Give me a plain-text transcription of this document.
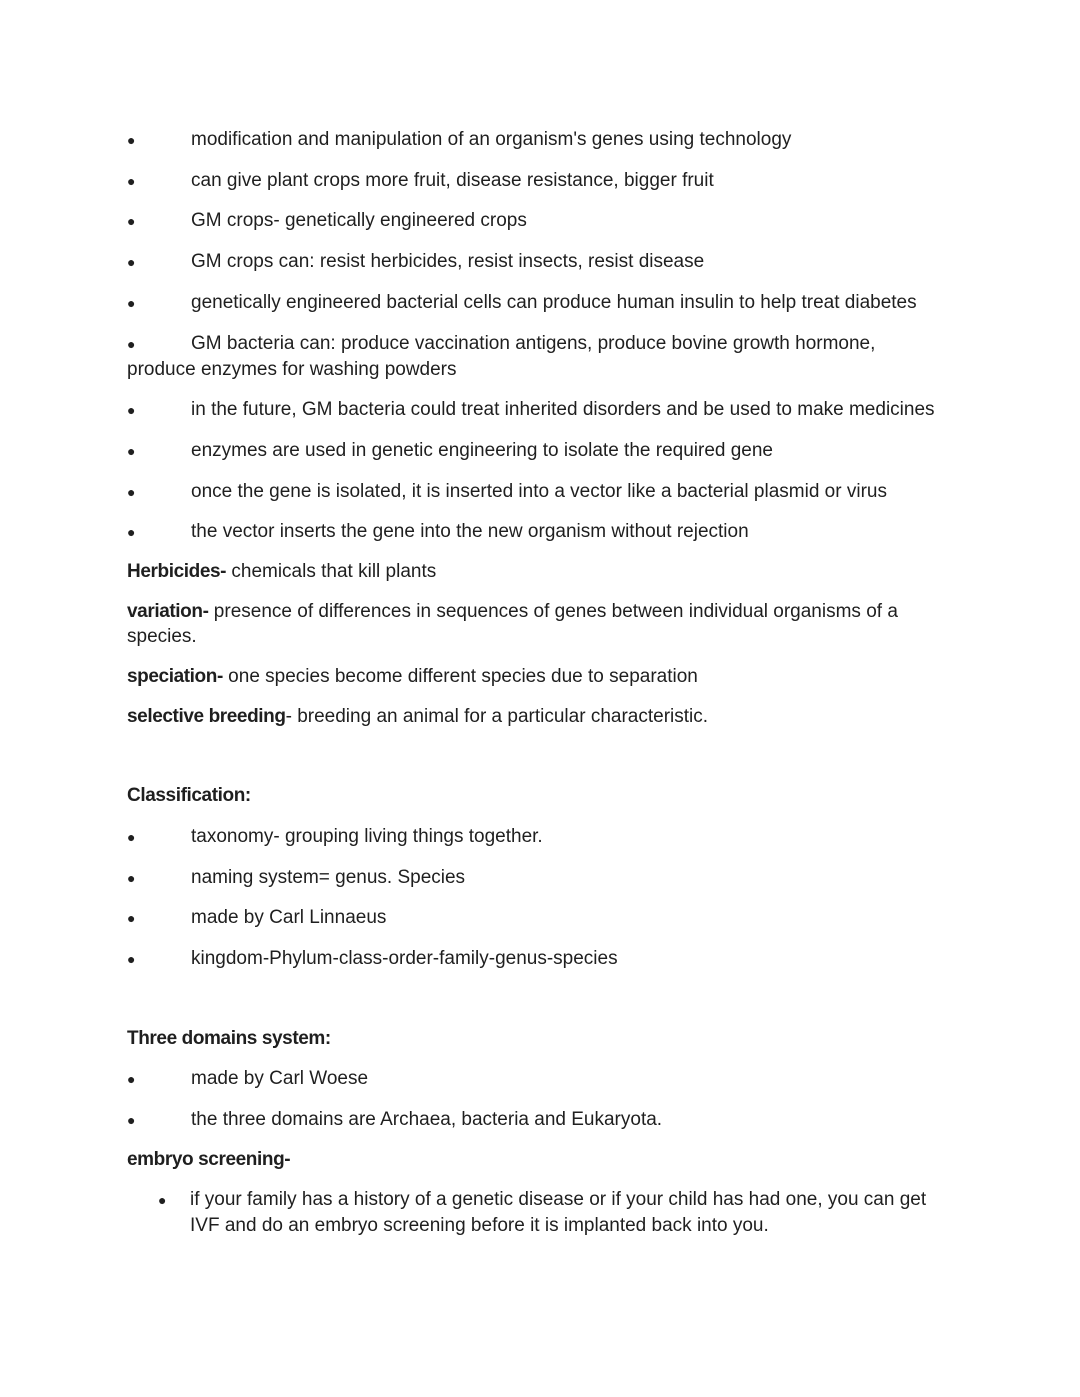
●	modification and manipulation of an organism's genes using technology
●	can give plant crops more fruit, disease resistance, bigger fruit
●	GM crops- genetically engineered crops
●	GM crops can: resist herbicides, resist insects, resist disease
●	genetically engineered bacterial cells can produce human insulin to help treat diabetes
●	GM bacteria can: produce vaccination antigens, produce bovine growth hormone,
produce enzymes for washing powders
●	in the future, GM bacteria could treat inherited disorders and be used to make medicines
●	enzymes are used in genetic engineering to isolate the required gene
●	once the gene is isolated, it is inserted into a vector like a bacterial plasmid or virus
●	the vector inserts the gene into the new organism without rejection
Herbicides- chemicals that kill plants
variation- presence of differences in sequences of genes between individual organisms of a
species.
speciation- one species become different species due to separation
selective breeding- breeding an animal for a particular characteristic.
Classification:
●	taxonomy- grouping living things together.
●	naming system= genus. Species
●	made by Carl Linnaeus
●	kingdom-Phylum-class-order-family-genus-species
Three domains system:
●	made by Carl Woese
●	the three domains are Archaea, bacteria and Eukaryota.
embryo screening-
●	if your family has a history of a genetic disease or if your child has had one, you can get
IVF and do an embryo screening before it is implanted back into you.
